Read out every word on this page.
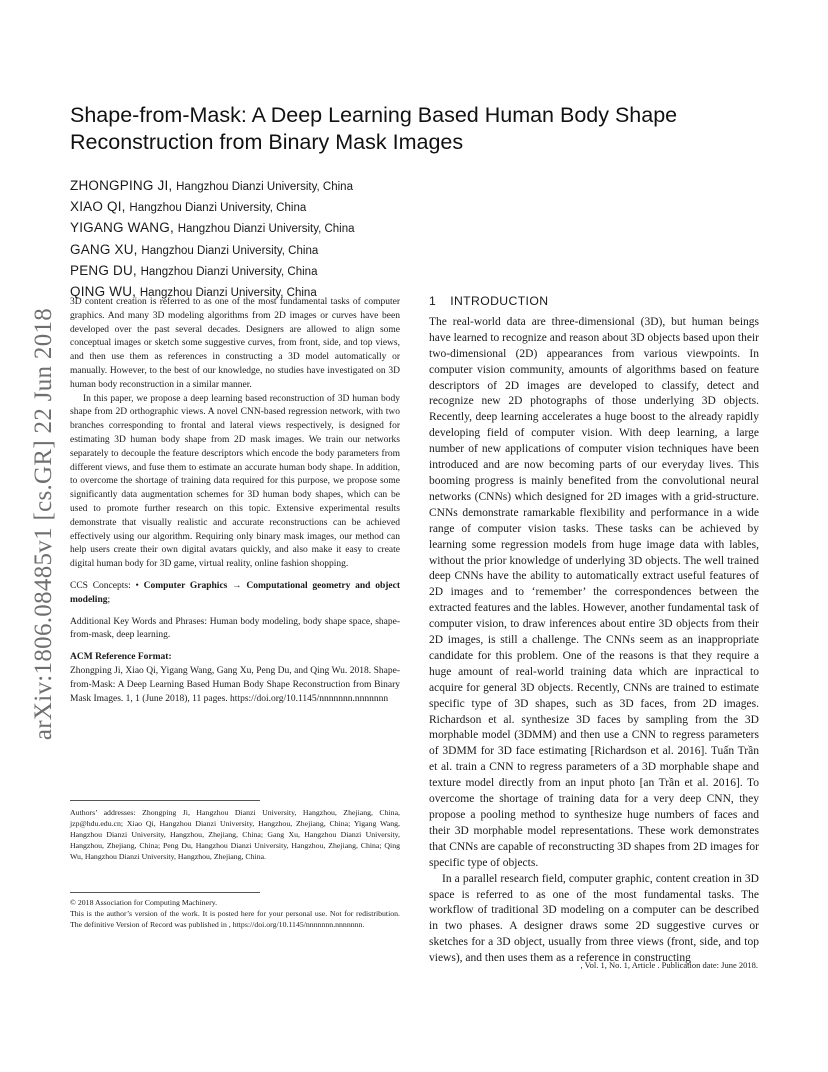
arXiv:1806.08485v1 [cs.GR] 22 Jun 2018
Shape-from-Mask: A Deep Learning Based Human Body Shape Reconstruction from Binary Mask Images
ZHONGPING JI, Hangzhou Dianzi University, China
XIAO QI, Hangzhou Dianzi University, China
YIGANG WANG, Hangzhou Dianzi University, China
GANG XU, Hangzhou Dianzi University, China
PENG DU, Hangzhou Dianzi University, China
QING WU, Hangzhou Dianzi University, China

3D content creation is referred to as one of the most fundamental tasks of computer graphics. And many 3D modeling algorithms from 2D images or curves have been developed over the past several decades. Designers are allowed to align some conceptual images or sketch some suggestive curves, from front, side, and top views, and then use them as references in constructing a 3D model automatically or manually. However, to the best of our knowledge, no studies have investigated on 3D human body reconstruction in a similar manner.

In this paper, we propose a deep learning based reconstruction of 3D human body shape from 2D orthographic views. A novel CNN-based regression network, with two branches corresponding to frontal and lateral views respectively, is designed for estimating 3D human body shape from 2D mask images. We train our networks separately to decouple the feature descriptors which encode the body parameters from different views, and fuse them to estimate an accurate human body shape. In addition, to overcome the shortage of training data required for this purpose, we propose some significantly data augmentation schemes for 3D human body shapes, which can be used to promote further research on this topic. Extensive experimental results demonstrate that visually realistic and accurate reconstructions can be achieved effectively using our algorithm. Requiring only binary mask images, our method can help users create their own digital avatars quickly, and also make it easy to create digital human body for 3D game, virtual reality, online fashion shopping.

CCS Concepts: • Computer Graphics → Computational geometry and object modeling;

Additional Key Words and Phrases: Human body modeling, body shape space, shape-from-mask, deep learning.

ACM Reference Format:

Zhongping Ji, Xiao Qi, Yigang Wang, Gang Xu, Peng Du, and Qing Wu. 2018. Shape-from-Mask: A Deep Learning Based Human Body Shape Reconstruction from Binary Mask Images. 1, 1 (June 2018), 11 pages. https://doi.org/10.1145/nnnnnnn.nnnnnnn

Authors’ addresses: Zhongping Ji, Hangzhou Dianzi University, Hangzhou, Zhejiang, China, jzp@hdu.edu.cn; Xiao Qi, Hangzhou Dianzi University, Hangzhou, Zhejiang, China; Yigang Wang, Hangzhou Dianzi University, Hangzhou, Zhejiang, China; Gang Xu, Hangzhou Dianzi University, Hangzhou, Zhejiang, China; Peng Du, Hangzhou Dianzi University, Hangzhou, Zhejiang, China; Qing Wu, Hangzhou Dianzi University, Hangzhou, Zhejiang, China.

© 2018 Association for Computing Machinery.

This is the author’s version of the work. It is posted here for your personal use. Not for redistribution. The definitive Version of Record was published in , https://doi.org/10.1145/nnnnnnn.nnnnnnn.

1 INTRODUCTION

The real-world data are three-dimensional (3D), but human beings have learned to recognize and reason about 3D objects based upon their two-dimensional (2D) appearances from various viewpoints. In computer vision community, amounts of algorithms based on feature descriptors of 2D images are developed to classify, detect and recognize new 2D photographs of those underlying 3D objects. Recently, deep learning accelerates a huge boost to the already rapidly developing field of computer vision. With deep learning, a large number of new applications of computer vision techniques have been introduced and are now becoming parts of our everyday lives. This booming progress is mainly benefited from the convolutional neural networks (CNNs) which designed for 2D images with a grid-structure. CNNs demonstrate ramarkable flexibility and performance in a wide range of computer vision tasks. These tasks can be achieved by learning some regression models from huge image data with lables, without the prior knowledge of underlying 3D objects. The well trained deep CNNs have the ability to automatically extract useful features of 2D images and to ‘remember’ the correspondences between the extracted features and the lables. However, another fundamental task of computer vision, to draw inferences about entire 3D objects from their 2D images, is still a challenge. The CNNs seem as an inappropriate candidate for this problem. One of the reasons is that they require a huge amount of real-world training data which are inpractical to acquire for general 3D objects. Recently, CNNs are trained to estimate specific type of 3D shapes, such as 3D faces, from 2D images. Richardson et al. synthesize 3D faces by sampling from the 3D morphable model (3DMM) and then use a CNN to regress parameters of 3DMM for 3D face estimating [Richardson et al. 2016]. Tuấn Trần et al. train a CNN to regress parameters of a 3D morphable shape and texture model directly from an input photo [an Trần et al. 2016]. To overcome the shortage of training data for a very deep CNN, they propose a pooling method to synthesize huge numbers of faces and their 3D morphable model representations. These work demonstrates that CNNs are capable of reconstructing 3D shapes from 2D images for specific type of objects.

In a parallel research field, computer graphic, content creation in 3D space is referred to as one of the most fundamental tasks. The workflow of traditional 3D modeling on a computer can be described in two phases. A designer draws some 2D suggestive curves or sketches for a 3D object, usually from three views (front, side, and top views), and then uses them as a reference in constructing

, Vol. 1, No. 1, Article . Publication date: June 2018.
